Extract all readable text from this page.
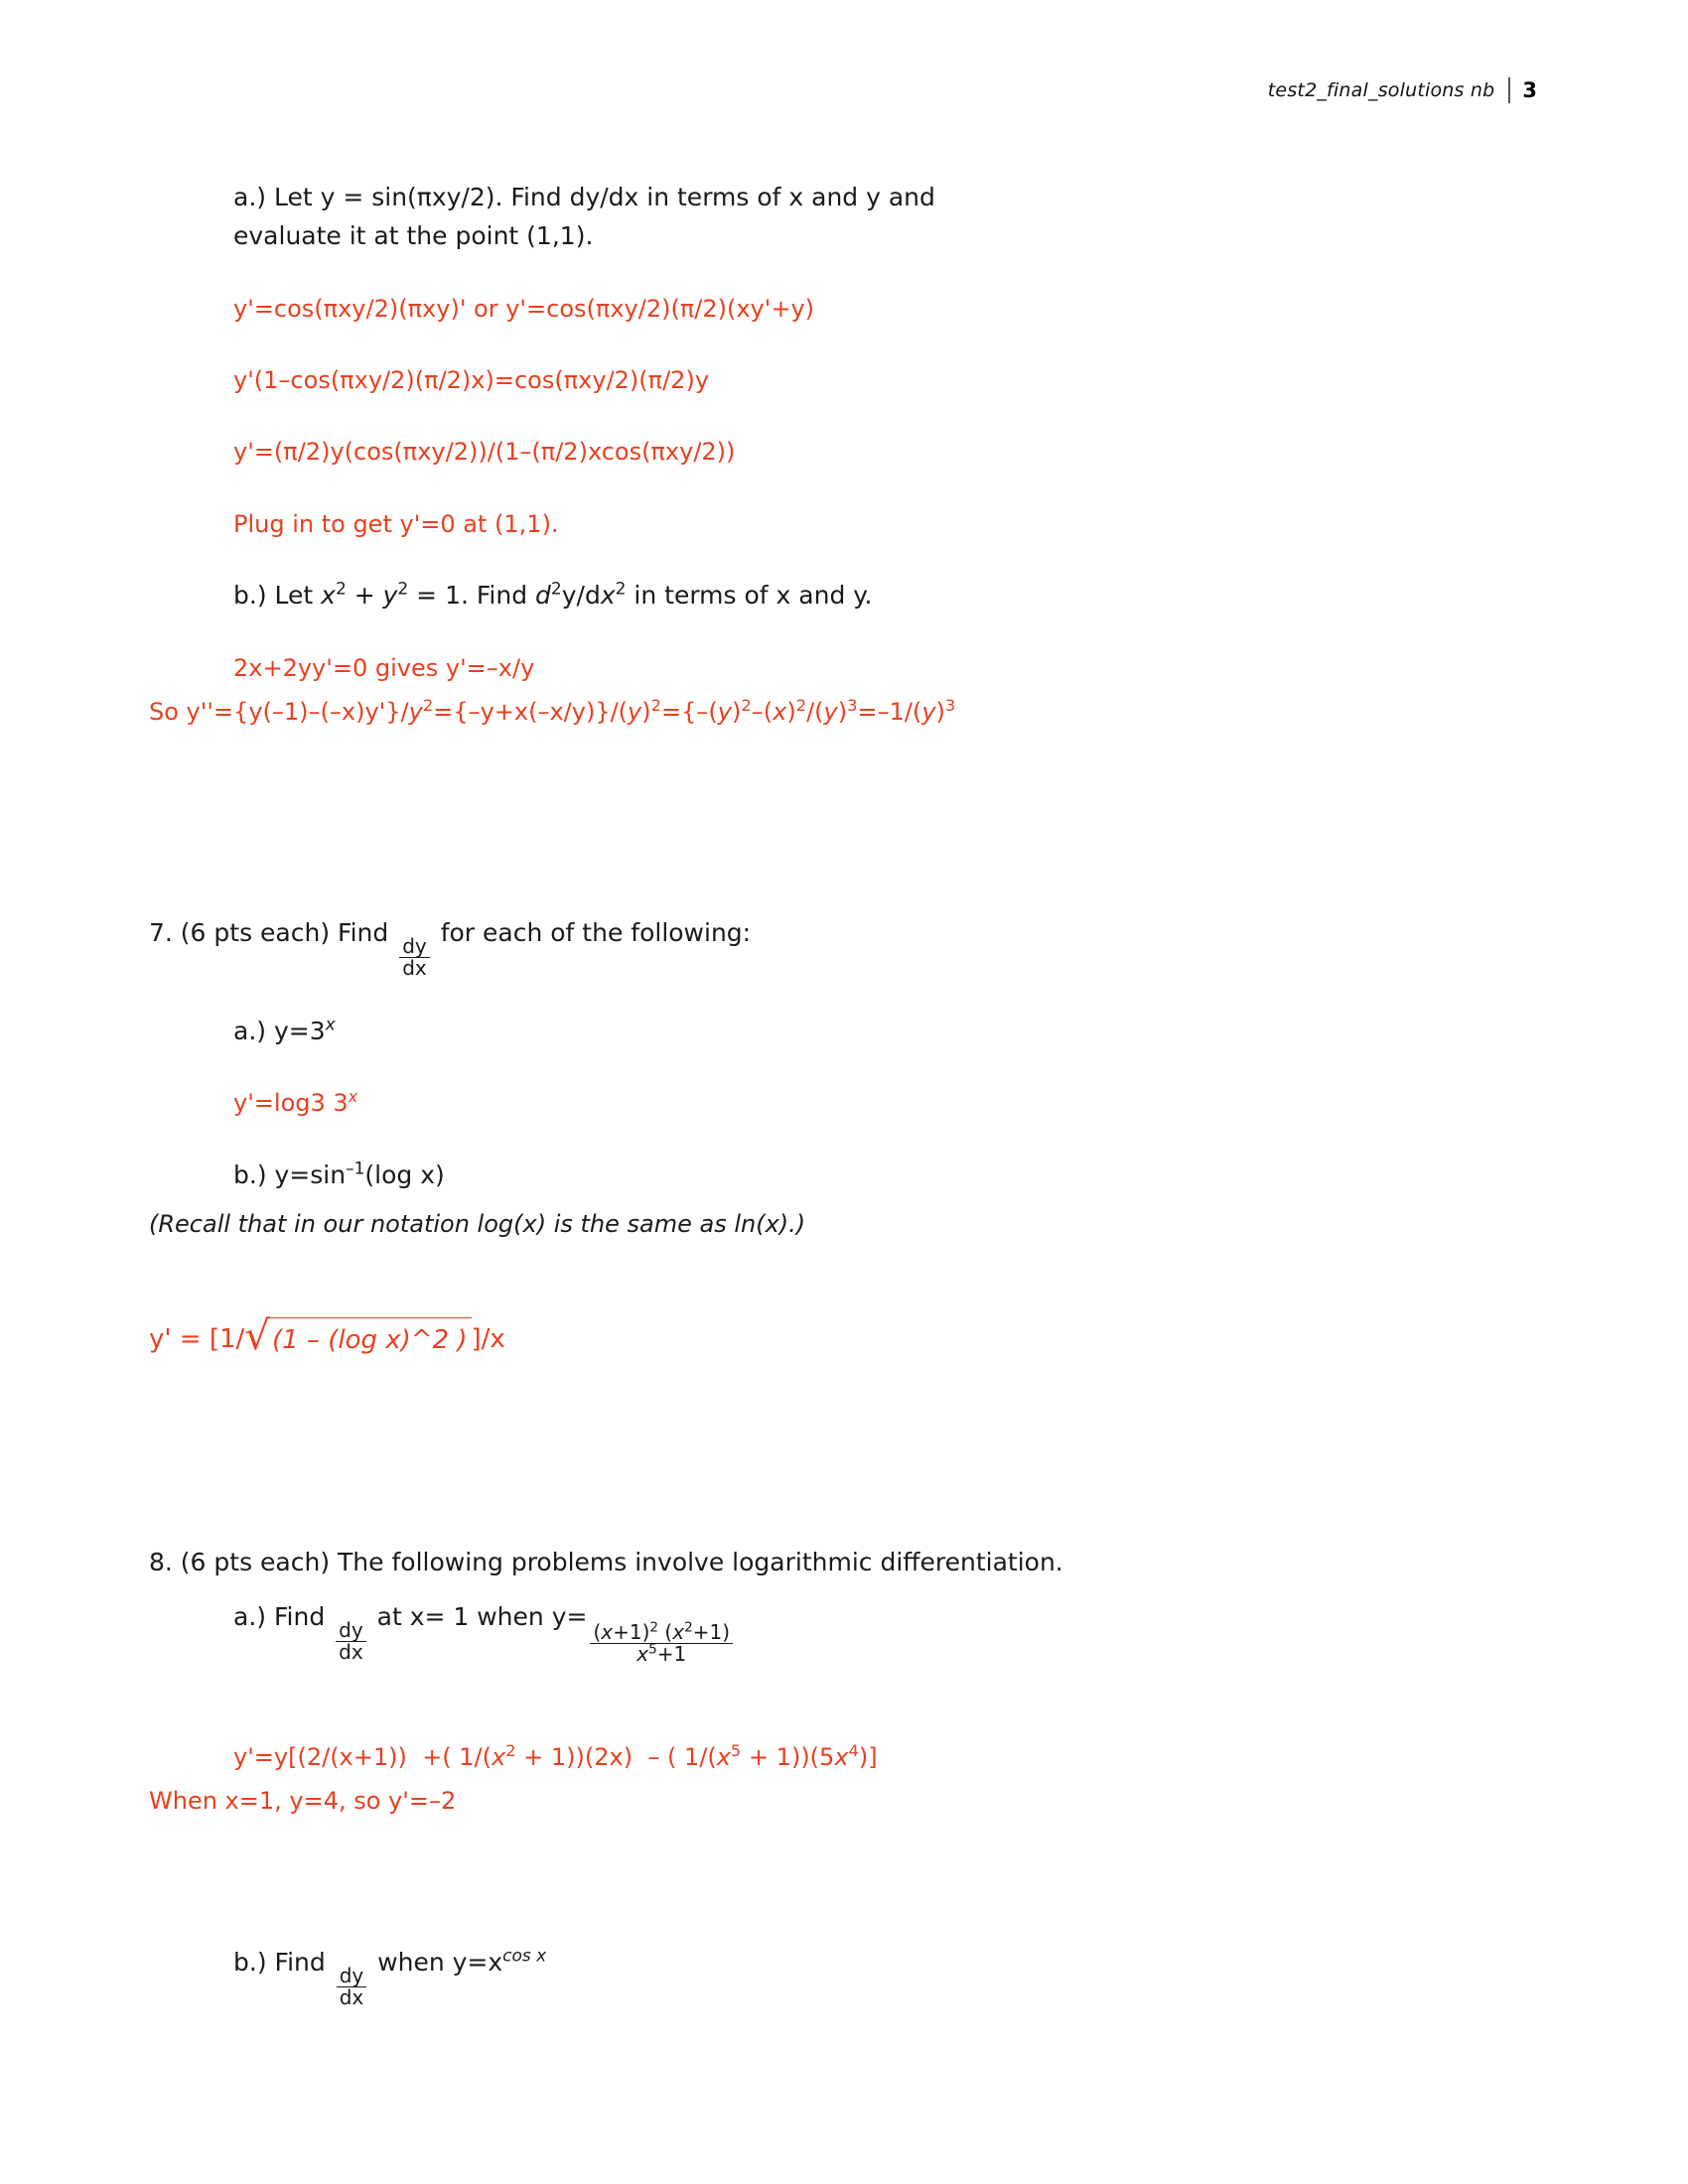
test2_final_solutions nb 3
a.) Let y = sin(πxy/2). Find dy/dx in terms of x and y and
evaluate it at the point (1,1).
y'=cos(πxy/2)(πxy)' or y'=cos(πxy/2)(π/2)(xy'+y)
y'(1–cos(πxy/2)(π/2)x)=cos(πxy/2)(π/2)y
y'=(π/2)y(cos(πxy/2))/(1–(π/2)xcos(πxy/2))
Plug in to get y'=0 at (1,1).
b.) Let $x^2 + y^2 = 1$. Find $d^2y/dx^2$ in terms of x and y.
2x+2yy'=0 gives y'=–x/y
So $y''=\{y(-1)-(-x)y'\}/y^2=\{-y+x(-x/y)\}/(y)^2=\{-(y)^2-(x)^2/(y)^3=-1/(y)^3$
7. (6 pts each) Find
$\frac{dy}{dx}$
for each of the following:
a.) $y=3^x$
y'=log3 3$^x$
b.) $y=\sin^{-1}(\log$ x)
(Recall that in our notation log(x) is the same as ln(x).)
y' = [1/ √ (1 – (log x)^2 ) ]/x
8. (6 pts each) The following problems involve logarithmic differentiation.
a.) Find
$\frac{dy}{dx}$
at x= 1 when y=
$\frac{(x+1)^2 (x^2+1)}{x^5+1}$
y'=y[(2/(x+1))  +( $1/(x^2 + 1))(2x)$  – ( $1/(x^5 + 1))(5x^4)$]
When x=1, y=4, so y'=–2
b.) Find
$\frac{dy}{dx}$
when $y=x^{cos x}$
